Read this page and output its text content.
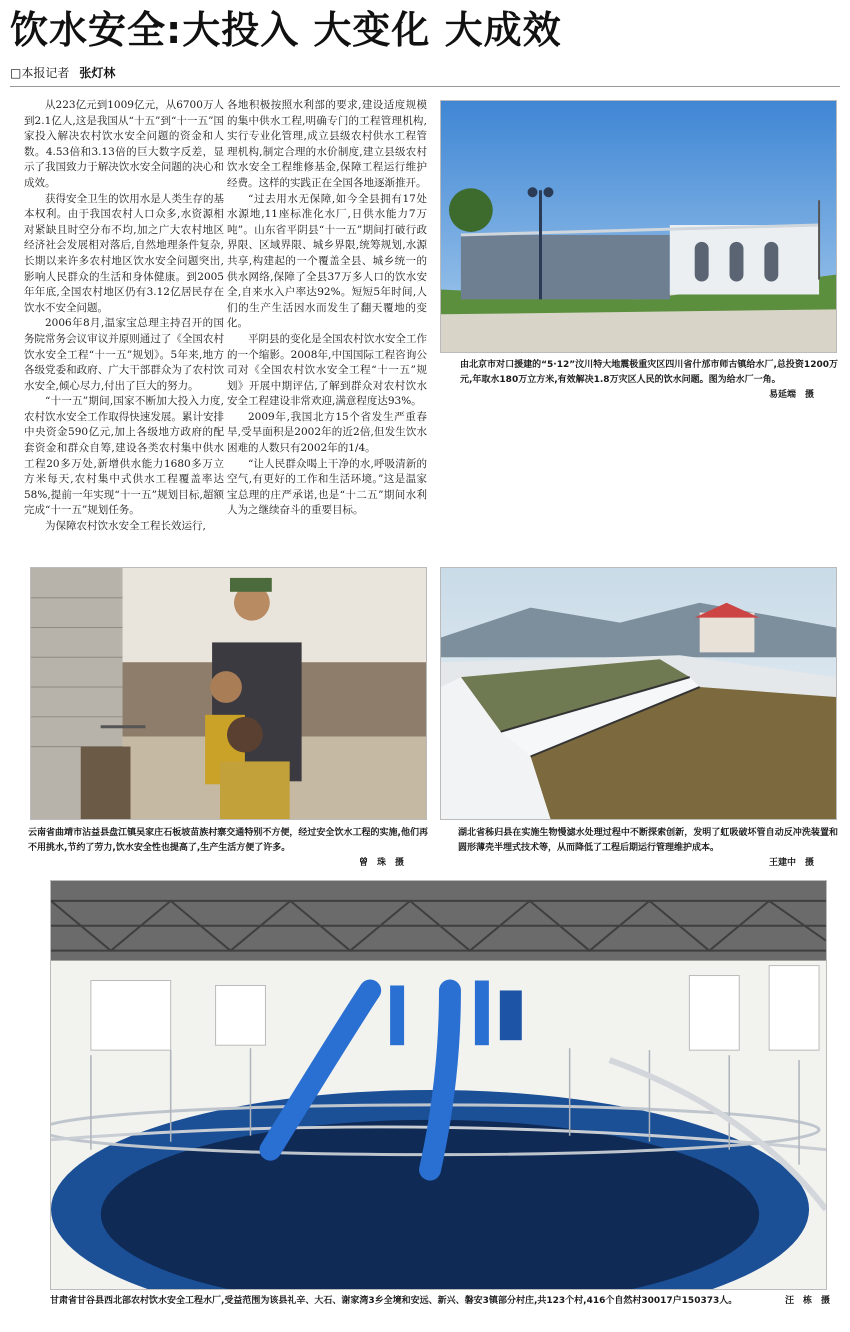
饮水安全:大投入 大变化 大成效
□本报记者 张灯林

从223亿元到1009亿元，从6700万人到2.1亿人,这是我国从“十五”到“十一五”国家投入解决农村饮水安全问题的资金和人数。4.53倍和3.13倍的巨大数字反差，显示了我国致力于解决饮水安全问题的决心和成效。

获得安全卫生的饮用水是人类生存的基本权利。由于我国农村人口众多,水资源相对紧缺且时空分布不均,加之广大农村地区经济社会发展相对落后,自然地理条件复杂,长期以来许多农村地区饮水安全问题突出,影响人民群众的生活和身体健康。到2005年年底,全国农村地区仍有3.12亿居民存在饮水不安全问题。

2006年8月,温家宝总理主持召开的国务院常务会议审议并原则通过了《全国农村饮水安全工程“十一五”规划》。5年来,地方各级党委和政府、广大干部群众为了农村饮水安全,倾心尽力,付出了巨大的努力。

“十一五”期间,国家不断加大投入力度,农村饮水安全工作取得快速发展。累计安排中央资金590亿元,加上各级地方政府的配套资金和群众自筹,建设各类农村集中供水工程20多万处,新增供水能力1680多万立方米每天,农村集中式供水工程覆盖率达58%,提前一年实现“十一五”规划目标,超额完成“十一五”规划任务。

为保障农村饮水安全工程长效运行,

各地积极按照水利部的要求,建设适度规模的集中供水工程,明确专门的工程管理机构,实行专业化管理,成立县级农村供水工程管理机构,制定合理的水价制度,建立县级农村饮水安全工程维修基金,保障工程运行维护经费。这样的实践正在全国各地逐渐推开。

“过去用水无保障,如今全县拥有17处水源地,11座标准化水厂,日供水能力7万吨”。山东省平阴县“十一五”期间打破行政界限、区域界限、城乡界限,统筹规划,水源共享,构建起的一个覆盖全县、城乡统一的供水网络,保障了全县37万多人口的饮水安全,自来水入户率达92%。短短5年时间,人们的生产生活因水而发生了翻天覆地的变化。

平阴县的变化是全国农村饮水安全工作的一个缩影。2008年,中国国际工程咨询公司对《全国农村饮水安全工程“十一五”规划》开展中期评估,了解到群众对农村饮水安全工程建设非常欢迎,满意程度达93%。

2009年,我国北方15个省发生严重春旱,受旱面积是2002年的近2倍,但发生饮水困难的人数只有2002年的1/4。

“让人民群众喝上干净的水,呼吸清新的空气,有更好的工作和生活环境。”这是温家宝总理的庄严承诺,也是“十二五”期间水利人为之继续奋斗的重要目标。

由北京市对口援建的“5·12”汶川特大地震极重灾区四川省什邡市师古镇给水厂,总投资1200万元,年取水180万立方米,有效解决1.8万灾区人民的饮水问题。图为给水厂一角。
易延端　摄
云南省曲靖市沾益县盘江镇吴家庄石板坡苗族村寨交通特别不方便，经过安全饮水工程的实施,他们再不用挑水,节约了劳力,饮水安全性也提高了,生产生活方便了许多。
曾　珠　摄
湖北省秭归县在实施生物慢滤水处理过程中不断探索创新，发明了虹吸破坏管自动反冲洗装置和圆形薄壳半埋式技术等，从而降低了工程后期运行管理维护成本。
王建中　摄
汪　栋　摄
甘肃省甘谷县西北部农村饮水安全工程水厂,受益范围为该县礼辛、大石、谢家湾3乡全境和安远、新兴、磐安3镇部分村庄,共123个村,416个自然村30017户150373人。
